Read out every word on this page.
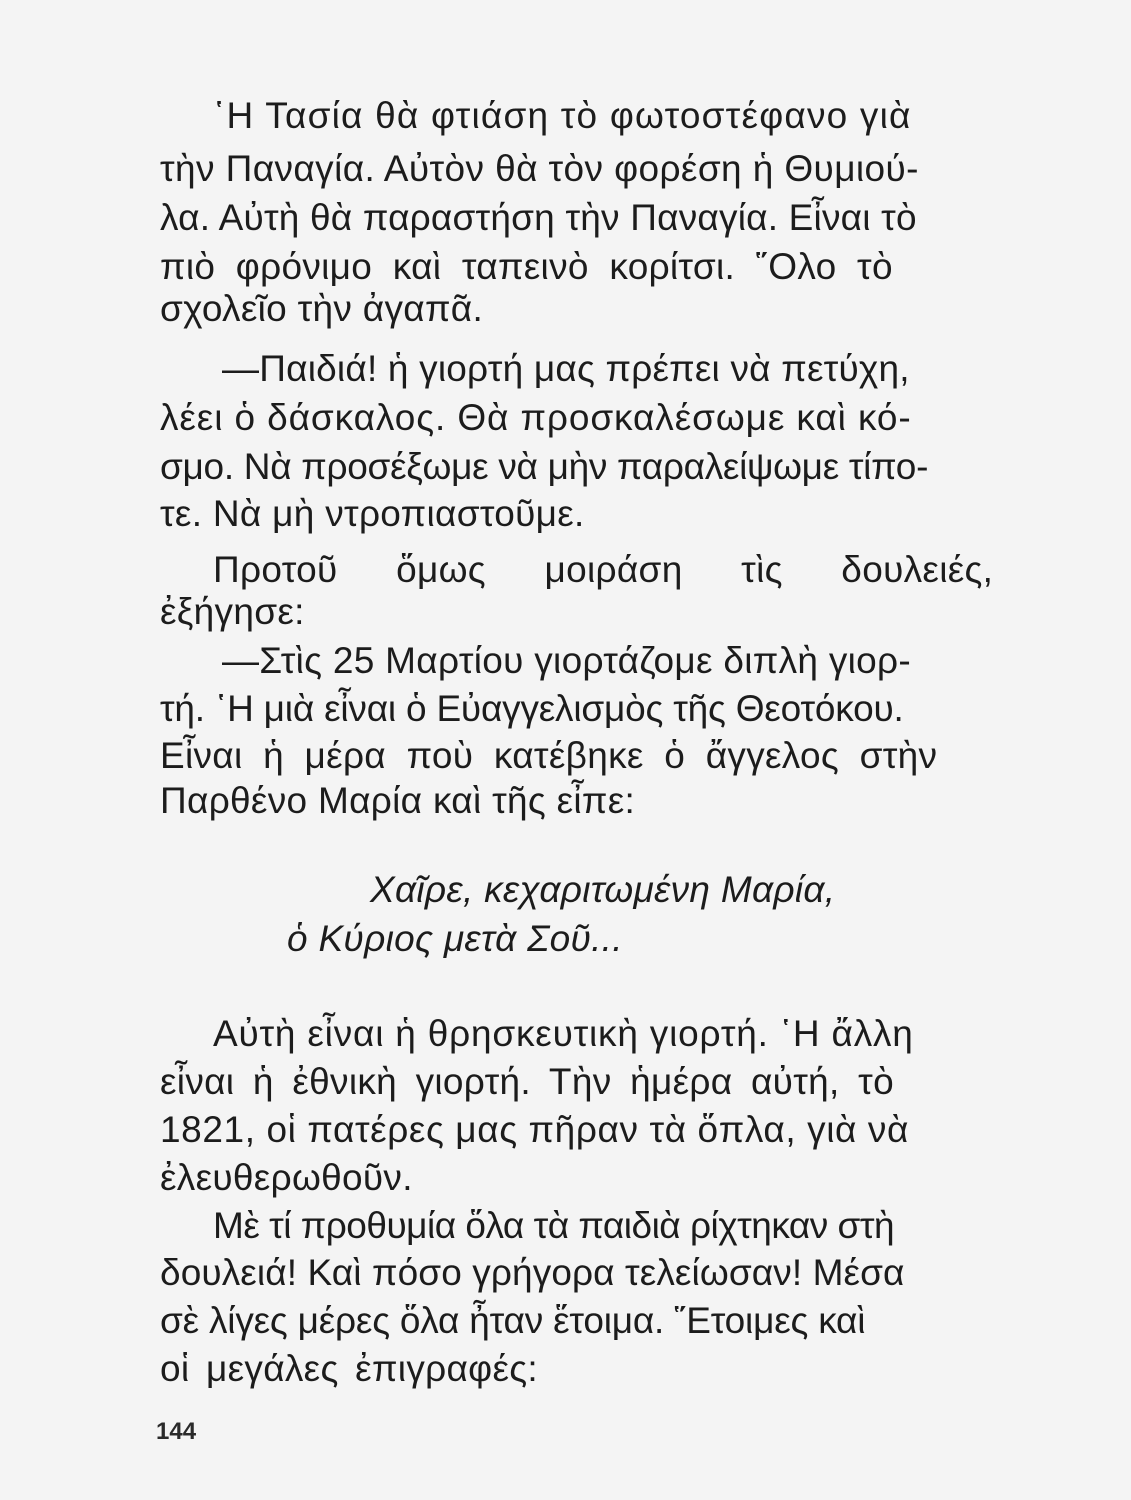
῾Η Τασία θὰ φτιάση τὸ φωτοστέφανο γιὰ
τὴν Παναγία. Αὐτὸν θὰ τὸν φορέση ἡ Θυμιού-
λα. Αὐτὴ θὰ παραστήση τὴν Παναγία. Εἶναι τὸ
πιὸ φρόνιμο καὶ ταπεινὸ κορίτσι. ῞Ολο τὸ
σχολεῖο τὴν ἀγαπᾶ.
—Παιδιά! ἡ γιορτή μας πρέπει νὰ πετύχη,
λέει ὁ δάσκαλος. Θὰ προσκαλέσωμε καὶ κό-
σμο. Νὰ προσέξωμε νὰ μὴν παραλείψωμε τίπο-
τε. Νὰ μὴ ντροπιαστοῦμε.
Προτοῦ ὅμως μοιράση τὶς δουλειές,
ἐξήγησε:
—Στὶς 25 Μαρτίου γιορτάζομε διπλὴ γιορ-
τή. ῾Η μιὰ εἶναι ὁ Εὐαγγελισμὸς τῆς Θεοτόκου.
Εἶναι ἡ μέρα ποὺ κατέβηκε ὁ ἄγγελος στὴν
Παρθένο Μαρία καὶ τῆς εἶπε:
Χαῖρε, κεχαριτωμένη Μαρία,
ὁ Κύριος μετὰ Σοῦ...
Αὐτὴ εἶναι ἡ θρησκευτικὴ γιορτή. ῾Η ἄλλη
εἶναι ἡ ἐθνικὴ γιορτή. Τὴν ἡμέρα αὐτή, τὸ
1821, οἱ πατέρες μας πῆραν τὰ ὅπλα, γιὰ νὰ
ἐλευθερωθοῦν.
Μὲ τί προθυμία ὅλα τὰ παιδιὰ ρίχτηκαν στὴ
δουλειά! Καὶ πόσο γρήγορα τελείωσαν! Μέσα
σὲ λίγες μέρες ὅλα ἦταν ἕτοιμα. ῞Ετοιμες καὶ
οἱ μεγάλες ἐπιγραφές:
144
